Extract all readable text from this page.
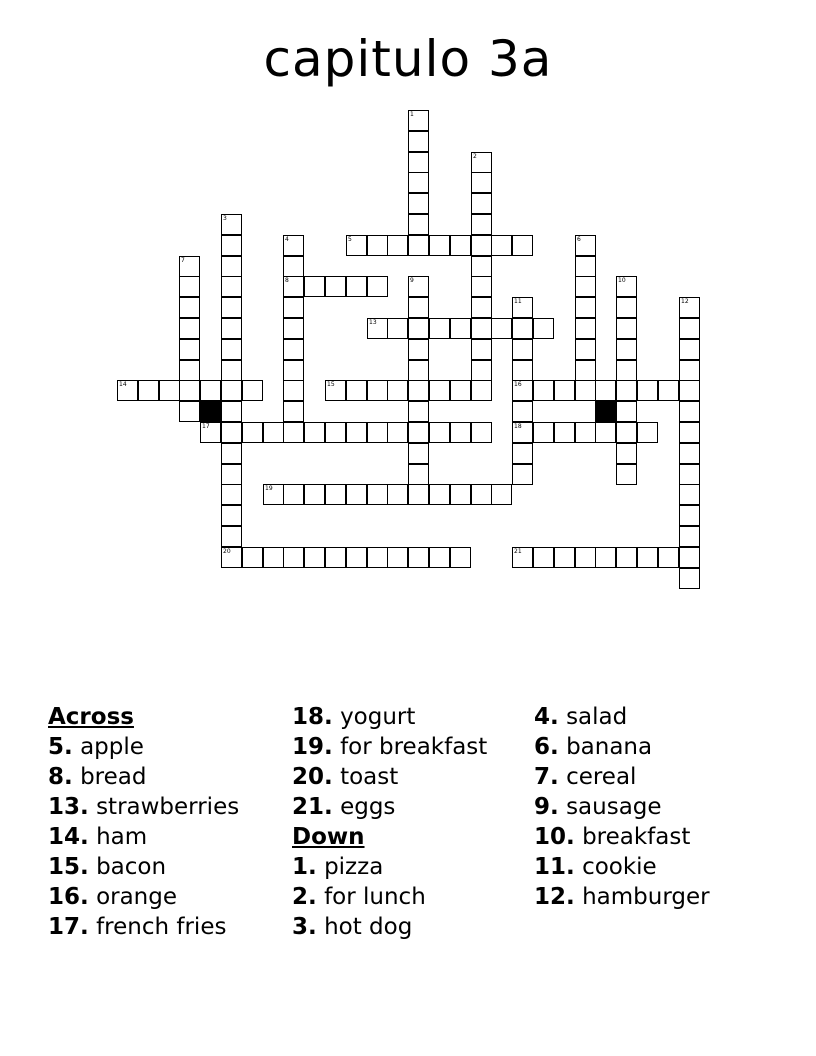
capitulo 3a
1
2
3
20
4
8
5	6
7
9	10
11
16
18
12
13
14	15
17
19
21
Across
5. apple
8. bread
13. strawberries
14. ham
15. bacon
16. orange
17. french fries
18. yogurt
19. for breakfast
20. toast
21. eggs
Down
1. pizza
2. for lunch
3. hot dog
4. salad
6. banana
7. cereal
9. sausage
10. breakfast
11. cookie
12. hamburger
